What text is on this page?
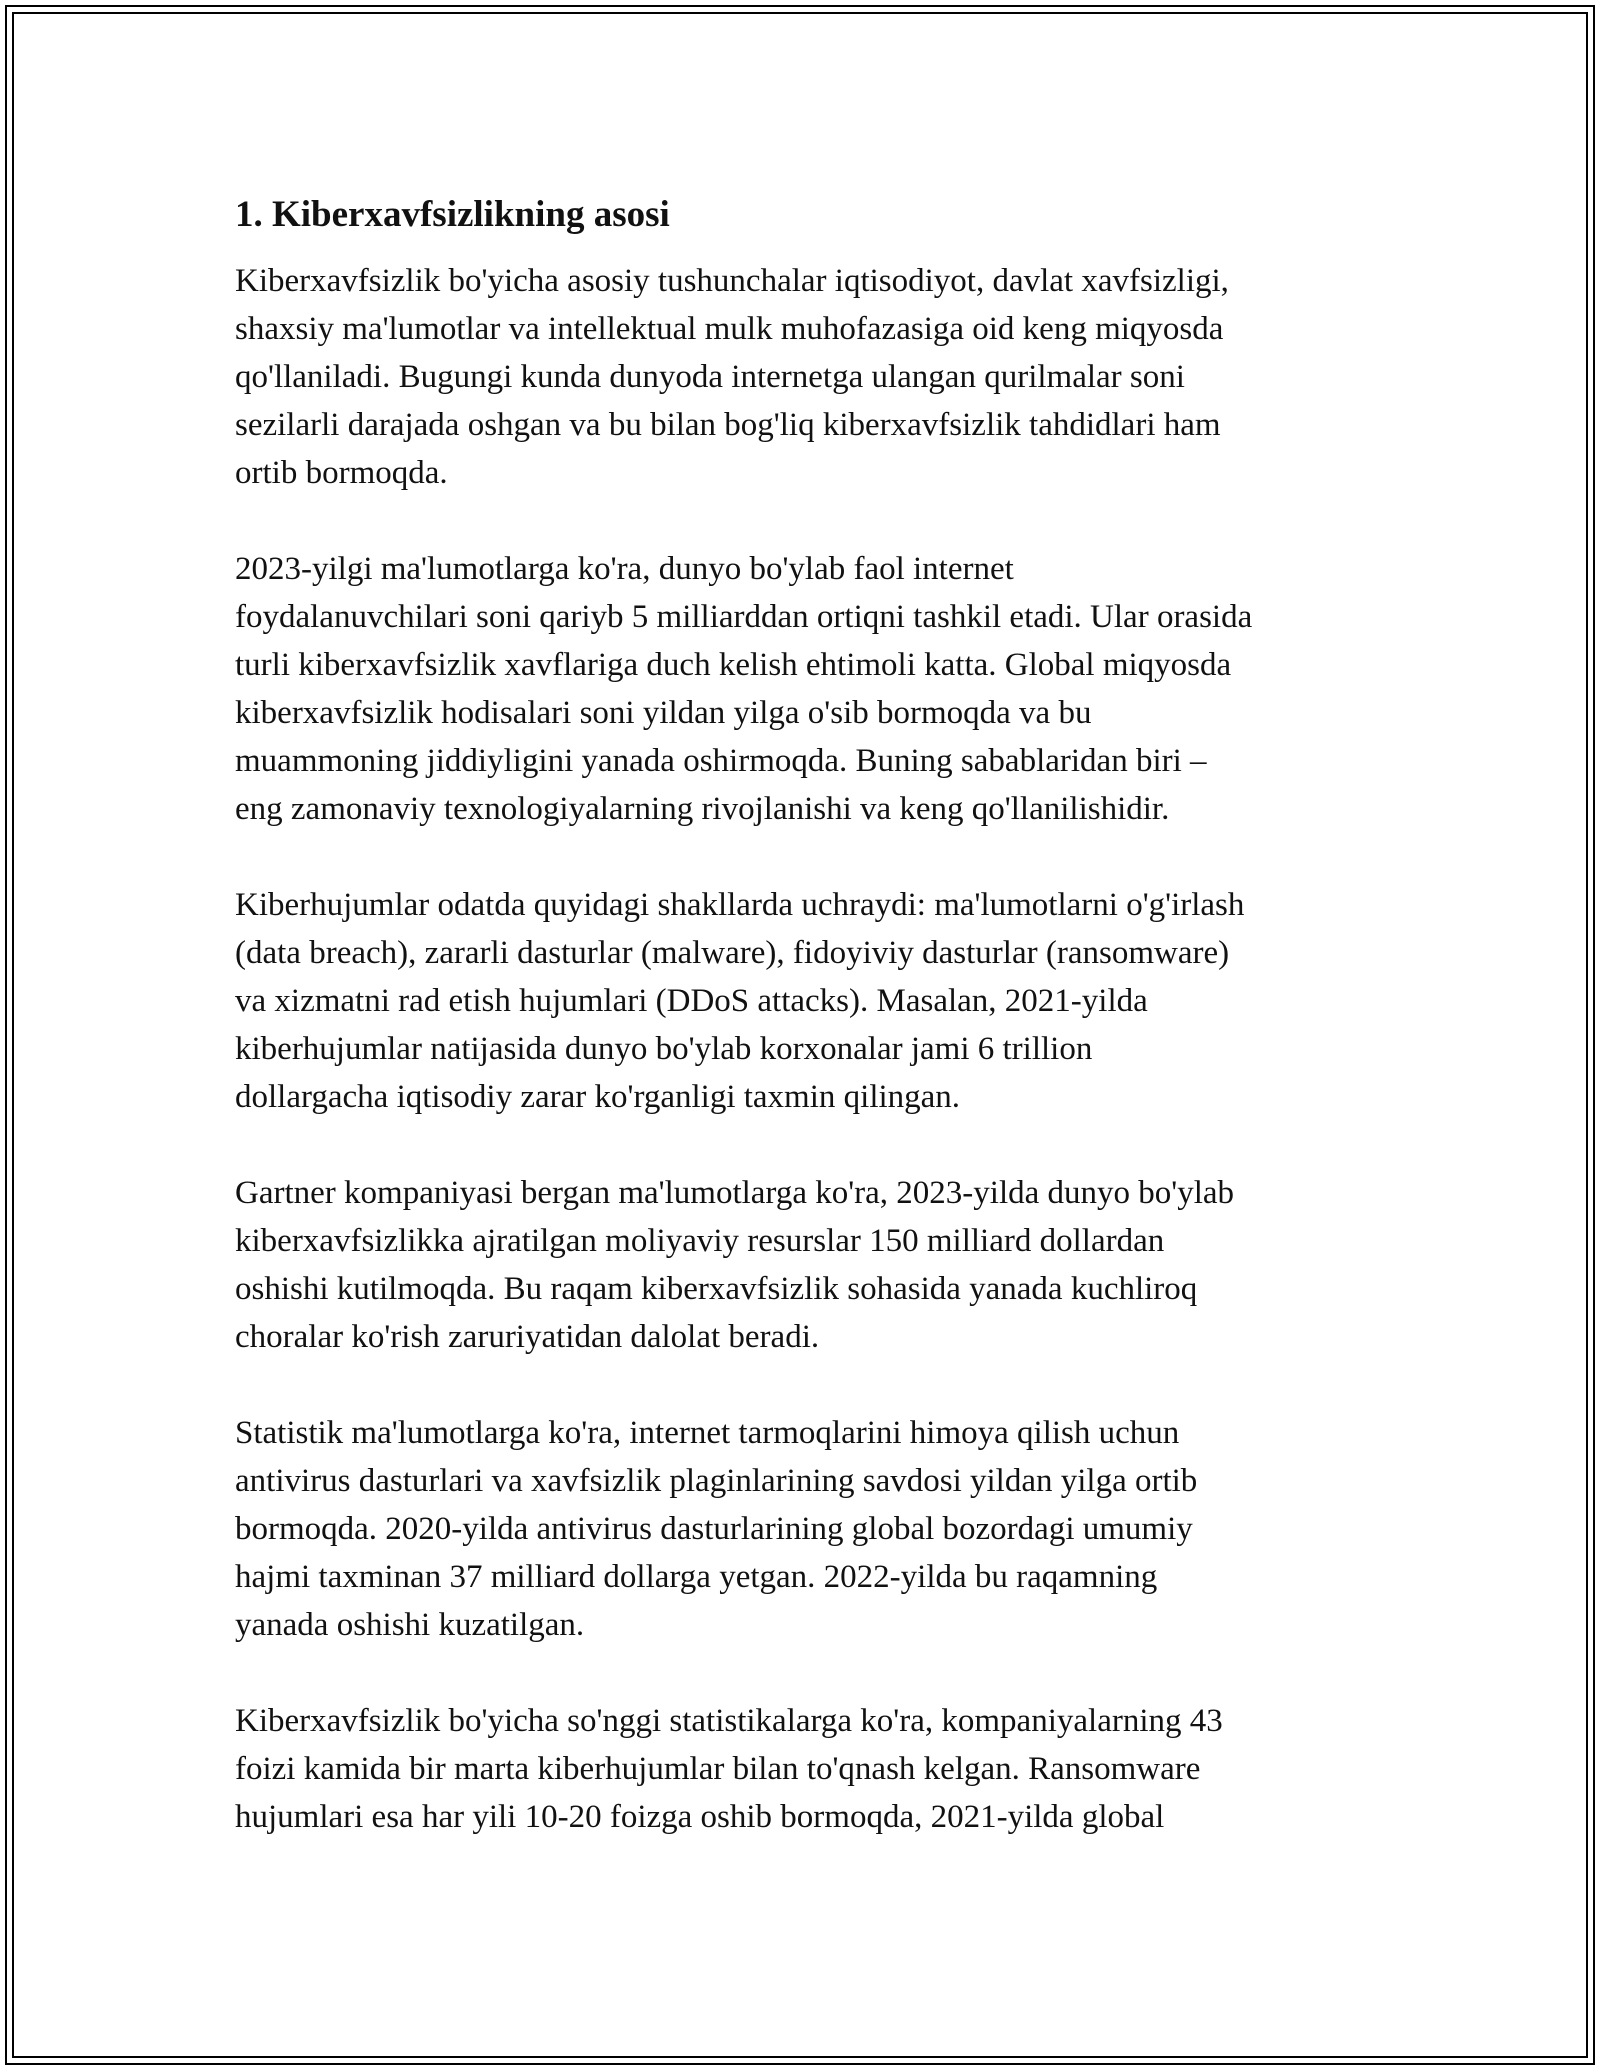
1. Kiberxavfsizlikning asosi
Kiberxavfsizlik bo'yicha asosiy tushunchalar iqtisodiyot, davlat xavfsizligi,
shaxsiy ma'lumotlar va intellektual mulk muhofazasiga oid keng miqyosda
qo'llaniladi. Bugungi kunda dunyoda internetga ulangan qurilmalar soni
sezilarli darajada oshgan va bu bilan bog'liq kiberxavfsizlik tahdidlari ham
ortib bormoqda.
2023-yilgi ma'lumotlarga ko'ra, dunyo bo'ylab faol internet
foydalanuvchilari soni qariyb 5 milliarddan ortiqni tashkil etadi. Ular orasida
turli kiberxavfsizlik xavflariga duch kelish ehtimoli katta. Global miqyosda
kiberxavfsizlik hodisalari soni yildan yilga o'sib bormoqda va bu
muammoning jiddiyligini yanada oshirmoqda. Buning sabablaridan biri –
eng zamonaviy texnologiyalarning rivojlanishi va keng qo'llanilishidir.
Kiberhujumlar odatda quyidagi shakllarda uchraydi: ma'lumotlarni o'g'irlash
(data breach), zararli dasturlar (malware), fidoyiviy dasturlar (ransomware)
va xizmatni rad etish hujumlari (DDoS attacks). Masalan, 2021-yilda
kiberhujumlar natijasida dunyo bo'ylab korxonalar jami 6 trillion
dollargacha iqtisodiy zarar ko'rganligi taxmin qilingan.
Gartner kompaniyasi bergan ma'lumotlarga ko'ra, 2023-yilda dunyo bo'ylab
kiberxavfsizlikka ajratilgan moliyaviy resurslar 150 milliard dollardan
oshishi kutilmoqda. Bu raqam kiberxavfsizlik sohasida yanada kuchliroq
choralar ko'rish zaruriyatidan dalolat beradi.
Statistik ma'lumotlarga ko'ra, internet tarmoqlarini himoya qilish uchun
antivirus dasturlari va xavfsizlik plaginlarining savdosi yildan yilga ortib
bormoqda. 2020-yilda antivirus dasturlarining global bozordagi umumiy
hajmi taxminan 37 milliard dollarga yetgan. 2022-yilda bu raqamning
yanada oshishi kuzatilgan.
Kiberxavfsizlik bo'yicha so'nggi statistikalarga ko'ra, kompaniyalarning 43
foizi kamida bir marta kiberhujumlar bilan to'qnash kelgan. Ransomware
hujumlari esa har yili 10-20 foizga oshib bormoqda, 2021-yilda global
